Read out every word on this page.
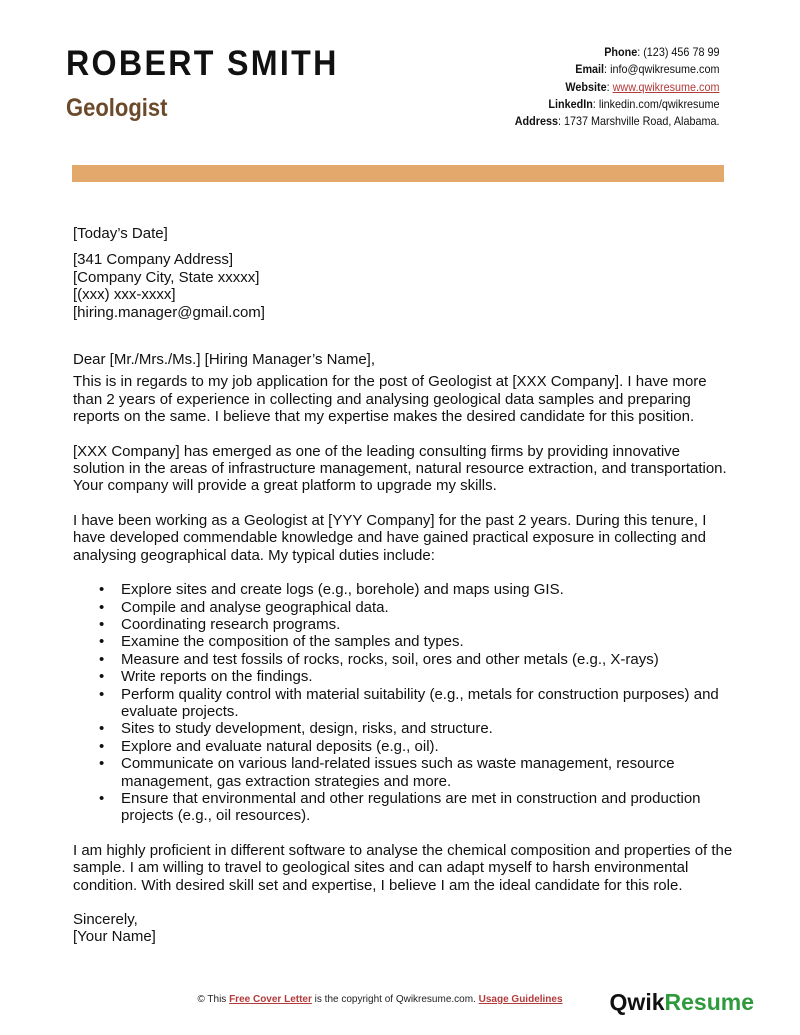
ROBERT SMITH
Geologist
Phone: (123) 456 78 99
Email: info@qwikresume.com
Website: www.qwikresume.com
LinkedIn: linkedin.com/qwikresume
Address: 1737 Marshville Road, Alabama.

[Today’s Date]

[341 Company Address]

[Company City, State xxxxx]

[(xxx) xxx-xxxx]

[hiring.manager@gmail.com]

Dear [Mr./Mrs./Ms.] [Hiring Manager’s Name],

This is in regards to my job application for the post of Geologist at [XXX Company]. I have more than 2 years of experience in collecting and analysing geological data samples and preparing reports on the same. I believe that my expertise makes the desired candidate for this position.

[XXX Company] has emerged as one of the leading consulting firms by providing innovative solution in the areas of infrastructure management, natural resource extraction, and transportation. Your company will provide a great platform to upgrade my skills.

I have been working as a Geologist at [YYY Company] for the past 2 years. During this tenure, I have developed commendable knowledge and have gained practical exposure in collecting and analysing geographical data. My typical duties include:

• Explore sites and create logs (e.g., borehole) and maps using GIS.
• Compile and analyse geographical data.
• Coordinating research programs.
• Examine the composition of the samples and types.
• Measure and test fossils of rocks, rocks, soil, ores and other metals (e.g., X-rays)
• Write reports on the findings.
• Perform quality control with material suitability (e.g., metals for construction purposes) and evaluate projects.
• Sites to study development, design, risks, and structure.
• Explore and evaluate natural deposits (e.g., oil).
• Communicate on various land-related issues such as waste management, resource management, gas extraction strategies and more.
• Ensure that environmental and other regulations are met in construction and production projects (e.g., oil resources).

I am highly proficient in different software to analyse the chemical composition and properties of the sample. I am willing to travel to geological sites and can adapt myself to harsh environmental condition. With desired skill set and expertise, I believe I am the ideal candidate for this role.

Sincerely,

[Your Name]

© This Free Cover Letter is the copyright of Qwikresume.com. Usage Guidelines	QwikResume
